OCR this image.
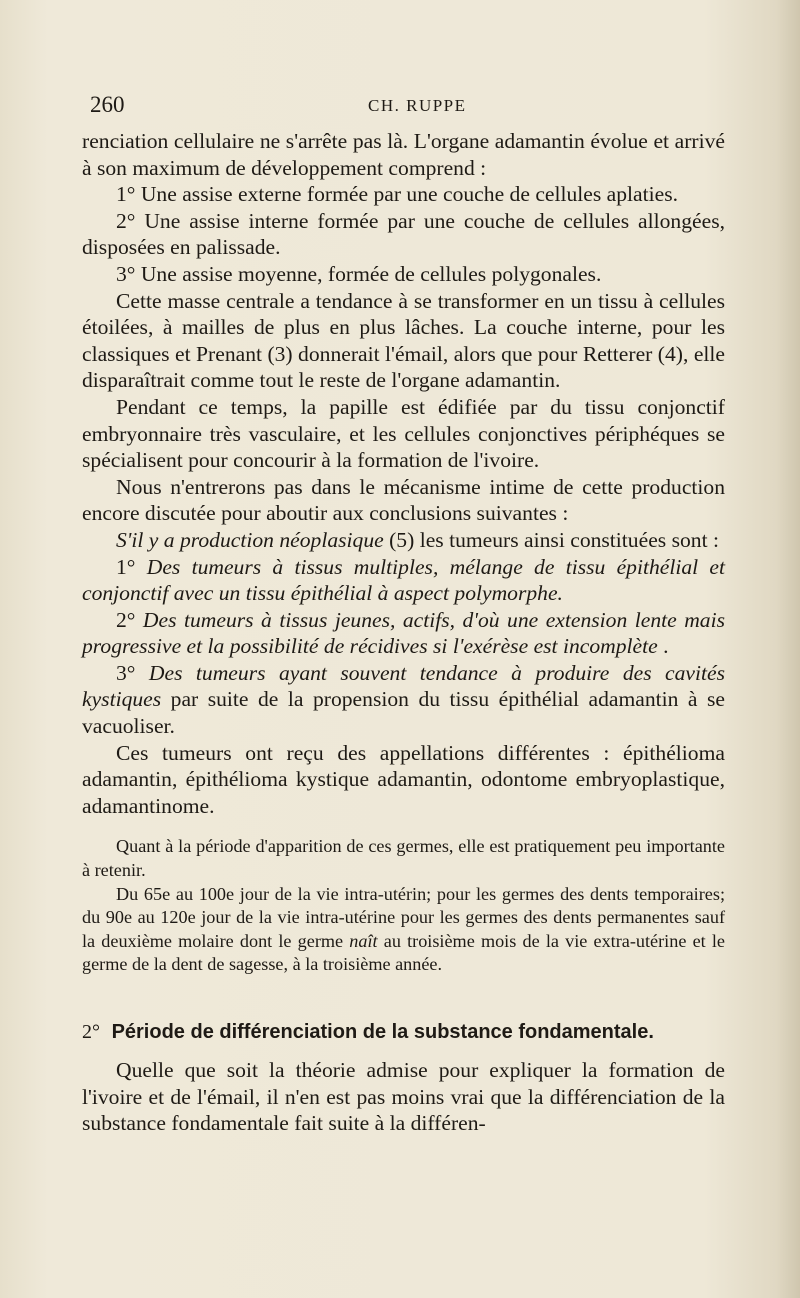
260	CH. RUPPE

renciation cellulaire ne s'arrête pas là. L'organe adamantin évolue et arrivé à son maximum de développement comprend :

1° Une assise externe formée par une couche de cellules aplaties.

2° Une assise interne formée par une couche de cellules allongées, disposées en palissade.

3° Une assise moyenne, formée de cellules polygonales.

Cette masse centrale a tendance à se transformer en un tissu à cellules étoilées, à mailles de plus en plus lâches. La couche interne, pour les classiques et Prenant (3) donnerait l'émail, alors que pour Retterer (4), elle disparaîtrait comme tout le reste de l'organe adamantin.

Pendant ce temps, la papille est édifiée par du tissu conjonctif embryonnaire très vasculaire, et les cellules conjonctives périphéques se spécialisent pour concourir à la formation de l'ivoire.

Nous n'entrerons pas dans le mécanisme intime de cette production encore discutée pour aboutir aux conclusions suivantes :

S'il y a production néoplasique (5) les tumeurs ainsi constituées sont :

1° Des tumeurs à tissus multiples, mélange de tissu épithélial et conjonctif avec un tissu épithélial à aspect polymorphe.

2° Des tumeurs à tissus jeunes, actifs, d'où une extension lente mais progressive et la possibilité de récidives si l'exérèse est incomplète .

3° Des tumeurs ayant souvent tendance à produire des cavités kystiques par suite de la propension du tissu épithélial adamantin à se vacuoliser.

Ces tumeurs ont reçu des appellations différentes : épithélioma adamantin, épithélioma kystique adamantin, odontome embryoplastique, adamantinome.

Quant à la période d'apparition de ces germes, elle est pratiquement peu importante à retenir.

Du 65e au 100e jour de la vie intra-utérin; pour les germes des dents temporaires; du 90e au 120e jour de la vie intra-utérine pour les germes des dents permanentes sauf la deuxième molaire dont le germe naît au troisième mois de la vie extra-utérine et le germe de la dent de sagesse, à la troisième année.

2° Période de différenciation de la substance fondamentale.

Quelle que soit la théorie admise pour expliquer la formation de l'ivoire et de l'émail, il n'en est pas moins vrai que la différenciation de la substance fondamentale fait suite à la différen-
